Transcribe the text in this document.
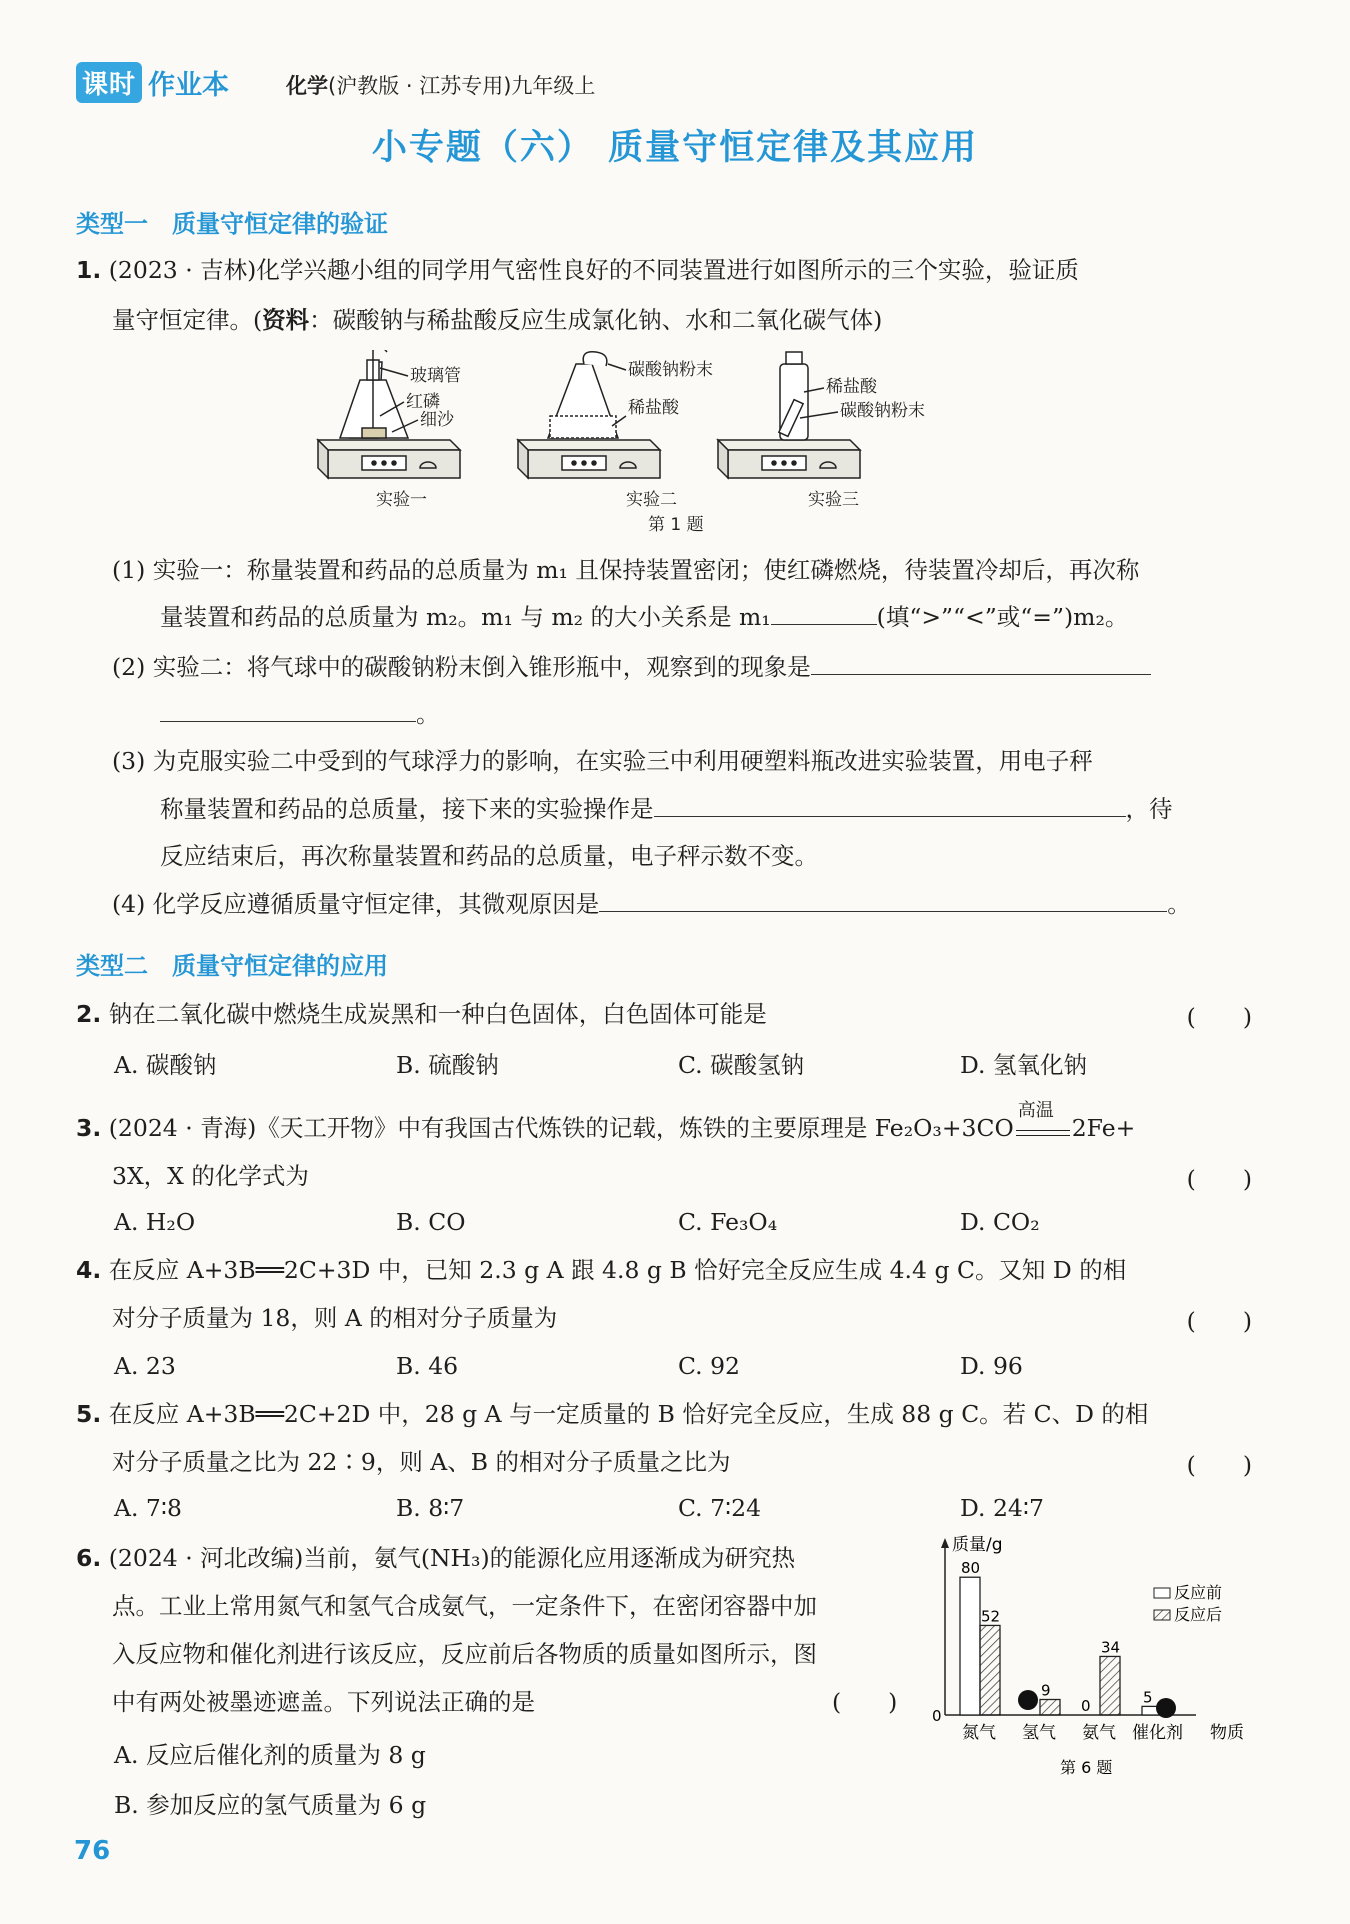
课时 作业本	化学(沪教版 · 江苏专用)九年级上
小专题（六） 质量守恒定律及其应用
类型一　质量守恒定律的验证
1. (2023 · 吉林)化学兴趣小组的同学用气密性良好的不同装置进行如图所示的三个实验，验证质
量守恒定律。(资料：碳酸钠与稀盐酸反应生成氯化钠、水和二氧化碳气体)
玻璃管
红磷
细沙
碳酸钠粉末
稀盐酸
稀盐酸
碳酸钠粉末
实验一	实验二	实验三
第 1 题
(1) 实验一：称量装置和药品的总质量为 m₁ 且保持装置密闭；使红磷燃烧，待装置冷却后，再次称
量装置和药品的总质量为 m₂。m₁ 与 m₂ 的大小关系是 m₁	(填“>”“<”或“=”)m₂。
(2) 实验二：将气球中的碳酸钠粉末倒入锥形瓶中，观察到的现象是
。
(3) 为克服实验二中受到的气球浮力的影响，在实验三中利用硬塑料瓶改进实验装置，用电子秤
称量装置和药品的总质量，接下来的实验操作是	，待
反应结束后，再次称量装置和药品的总质量，电子秤示数不变。
(4) 化学反应遵循质量守恒定律，其微观原因是	。
类型二　质量守恒定律的应用
2. 钠在二氧化碳中燃烧生成炭黑和一种白色固体，白色固体可能是	(　　)
A. 碳酸钠	B. 硫酸钠	C. 碳酸氢钠	D. 氢氧化钠
3. (2024 · 青海)《天工开物》中有我国古代炼铁的记载，炼铁的主要原理是 Fe₂O₃+3CO
高温
2Fe+
3X，X 的化学式为	(　　)
A. H₂O	B. CO	C. Fe₃O₄	D. CO₂
4. 在反应 A+3B══2C+3D 中，已知 2.3 g A 跟 4.8 g B 恰好完全反应生成 4.4 g C。又知 D 的相
对分子质量为 18，则 A 的相对分子质量为	(　　)
A. 23	B. 46	C. 92	D. 96
5. 在反应 A+3B══2C+2D 中，28 g A 与一定质量的 B 恰好完全反应，生成 88 g C。若 C、D 的相
对分子质量之比为 22∶9，则 A、B 的相对分子质量之比为	(　　)
A. 7∶8	B. 8∶7	C. 7∶24	D. 24∶7
6. (2024 · 河北改编)当前，氨气(NH₃)的能源化应用逐渐成为研究热
点。工业上常用氮气和氢气合成氨气，一定条件下，在密闭容器中加
入反应物和催化剂进行该反应，反应前后各物质的质量如图所示，图
中有两处被墨迹遮盖。下列说法正确的是	(　　)
A. 反应后催化剂的质量为 8 g
B. 参加反应的氢气质量为 6 g
质量/g
0
物质
80
52
氮气
9
氢气
0
34
氨气
5
催化剂
反应前
反应后
第 6 题
76
